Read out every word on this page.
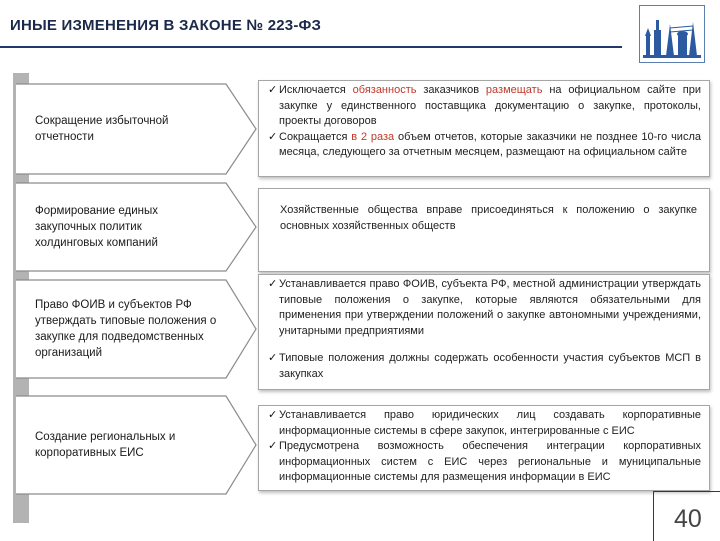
ИНЫЕ ИЗМЕНЕНИЯ В ЗАКОНЕ № 223-ФЗ
Сокращение избыточной отчетности
Формирование единых закупочных политик холдинговых компаний
Право ФОИВ и субъектов РФ утверждать типовые положения о закупке для подведомственных организаций
Создание региональных и корпоративных ЕИС
✓ Исключается обязанность заказчиков размещать на официальном сайте при закупке у единственного поставщика документацию о закупке, протоколы, проекты договоров
✓ Сокращается в 2 раза объем отчетов, которые заказчики не позднее 10-го числа месяца, следующего за отчетным месяцем, размещают на официальном сайте
Хозяйственные общества вправе присоединяться к положению о закупке основных хозяйственных обществ
✓ Устанавливается право ФОИВ, субъекта РФ, местной администрации утверждать типовые положения о закупке, которые являются обязательными для применения при утверждении положений о закупке автономными учреждениями, унитарными предприятиями
✓ Типовые положения должны содержать особенности участия субъектов МСП в закупках
✓ Устанавливается право юридических лиц создавать корпоративные информационные системы в сфере закупок, интегрированные с ЕИС
✓ Предусмотрена возможность обеспечения интеграции корпоративных информационных систем с ЕИС через региональные и муниципальные информационные системы для размещения информации в ЕИС
40
